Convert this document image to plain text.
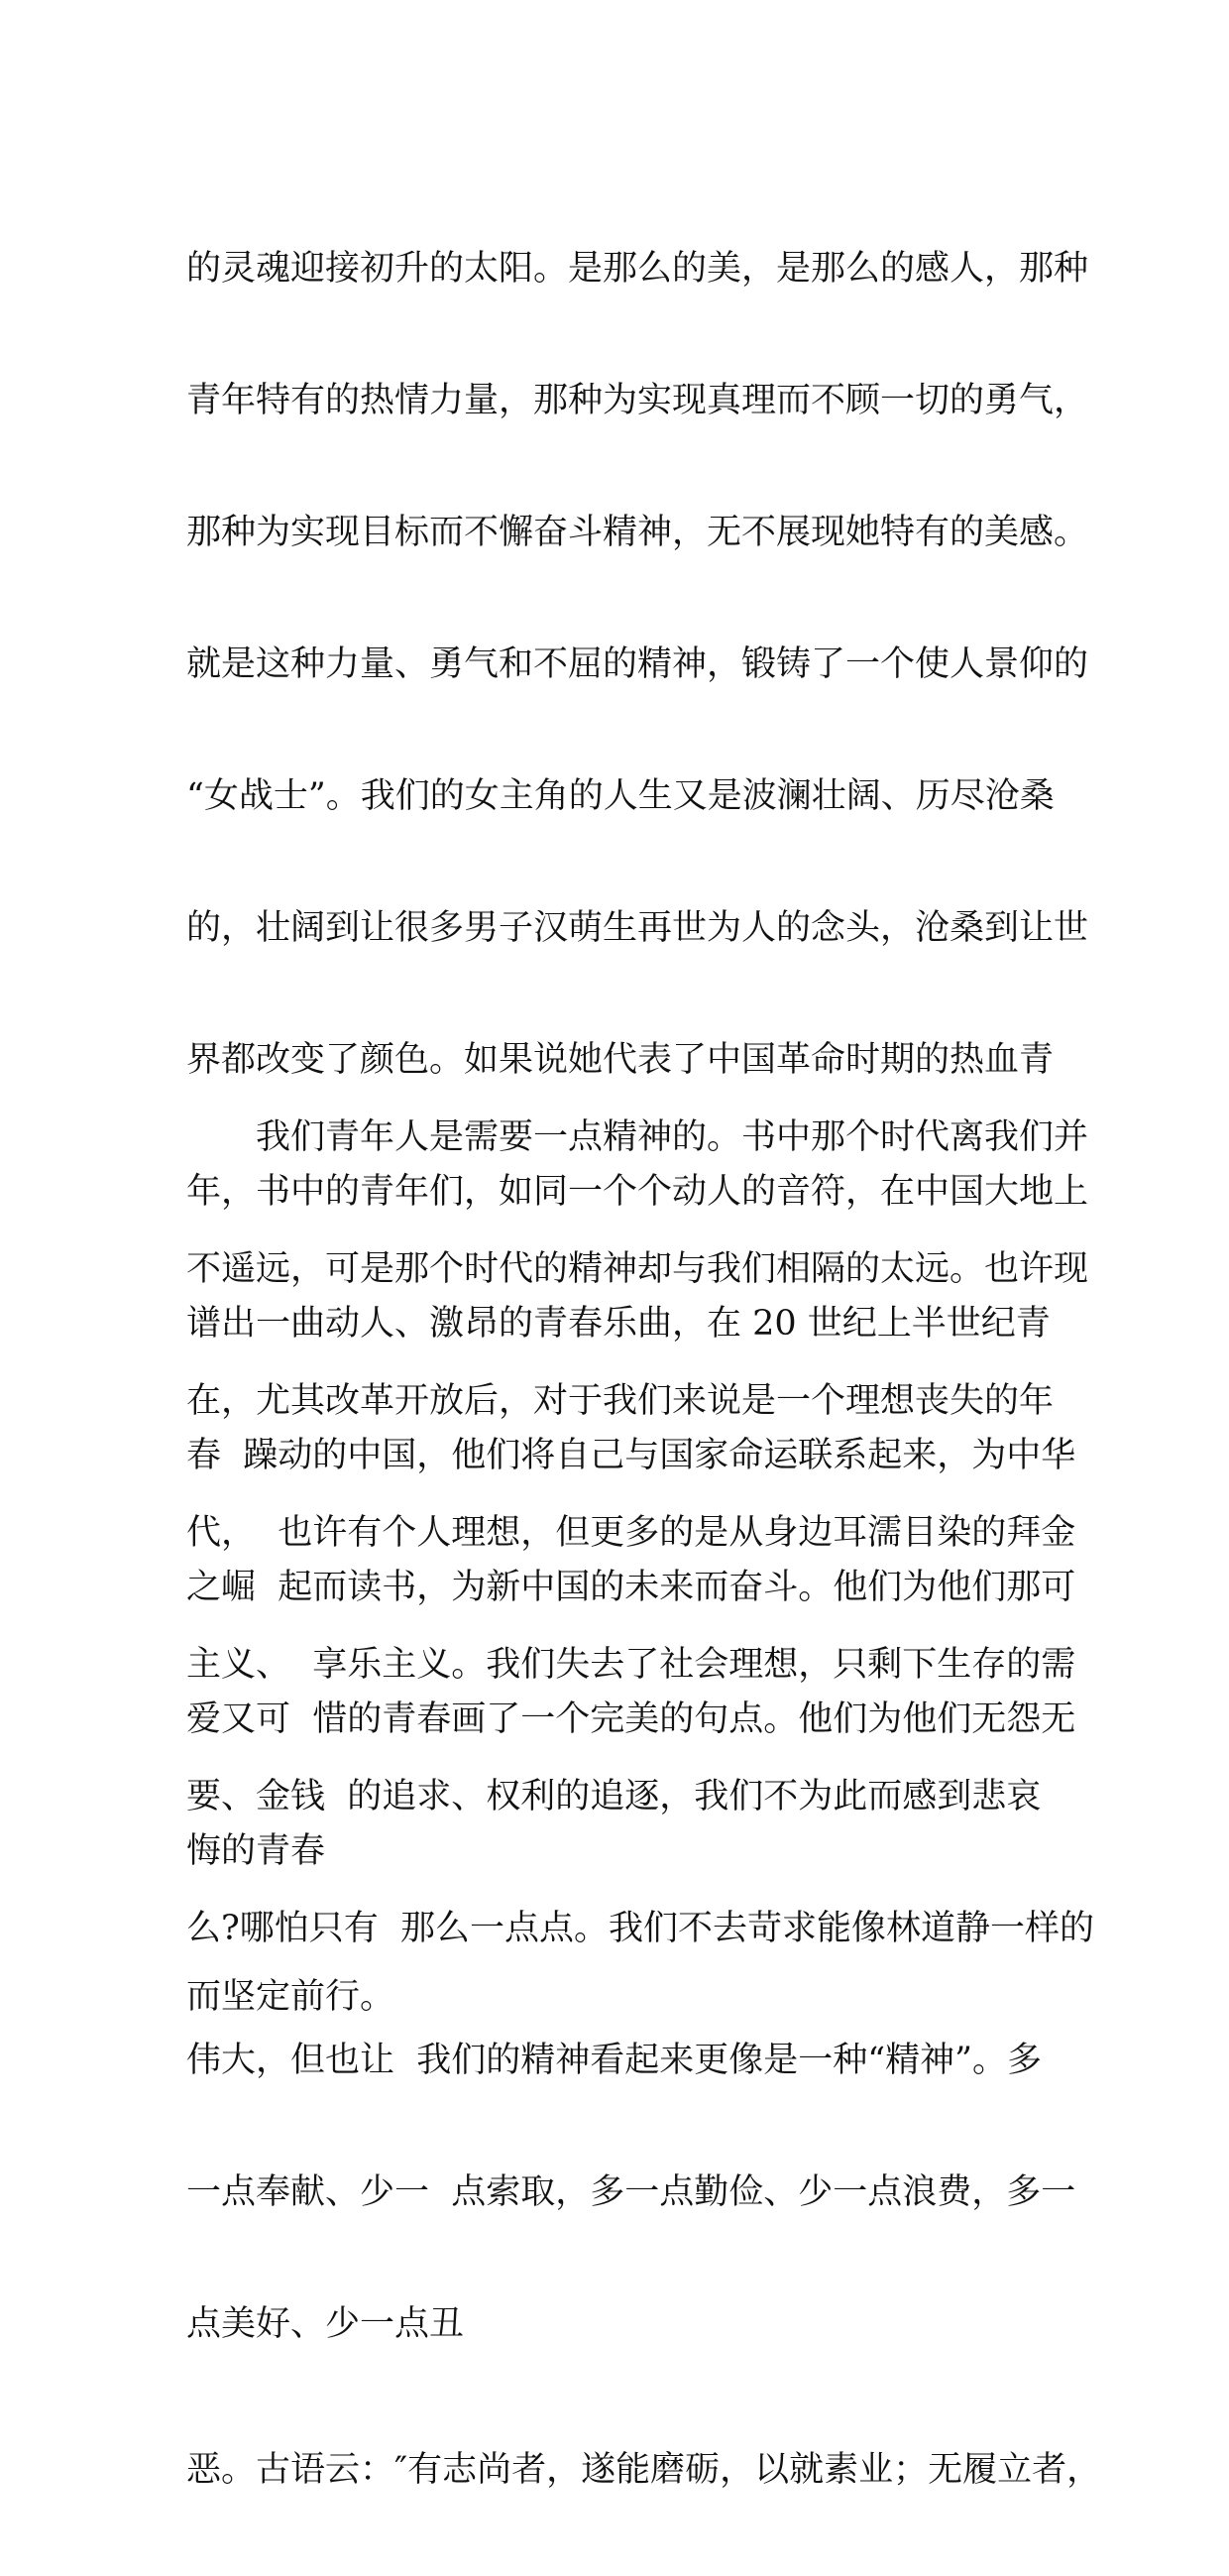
的灵魂迎接初升的太阳。是那么的美，是那么的感人，那种

青年特有的热情力量，那种为实现真理而不顾一切的勇气，

那种为实现目标而不懈奋斗精神，无不展现她特有的美感。

就是这种力量、勇气和不屈的精神，锻铸了一个使人景仰的

“女战士”。我们的女主角的人生又是波澜壮阔、历尽沧桑

的，壮阔到让很多男子汉萌生再世为人的念头，沧桑到让世

界都改变了颜色。如果说她代表了中国革命时期的热血青

年，书中的青年们，如同一个个动人的音符，在中国大地上

谱出一曲动人、激昂的青春乐曲，在 20 世纪上半世纪青

春  躁动的中国，他们将自己与国家命运联系起来，为中华

之崛  起而读书，为新中国的未来而奋斗。他们为他们那可

爱又可  惜的青春画了一个完美的句点。他们为他们无怨无

悔的青春

而坚定前行。

　　我们青年人是需要一点精神的。书中那个时代离我们并

不遥远，可是那个时代的精神却与我们相隔的太远。也许现

在，尤其改革开放后，对于我们来说是一个理想丧失的年

代，  也许有个人理想，但更多的是从身边耳濡目染的拜金

主义、  享乐主义。我们失去了社会理想，只剩下生存的需

要、金钱  的追求、权利的追逐，我们不为此而感到悲哀

么?哪怕只有  那么一点点。我们不去苛求能像林道静一样的

伟大，但也让  我们的精神看起来更像是一种“精神”。多

一点奉献、少一  点索取，多一点勤俭、少一点浪费，多一

点美好、少一点丑

恶。古语云：″有志尚者，遂能磨砺，以就素业；无履立者，
